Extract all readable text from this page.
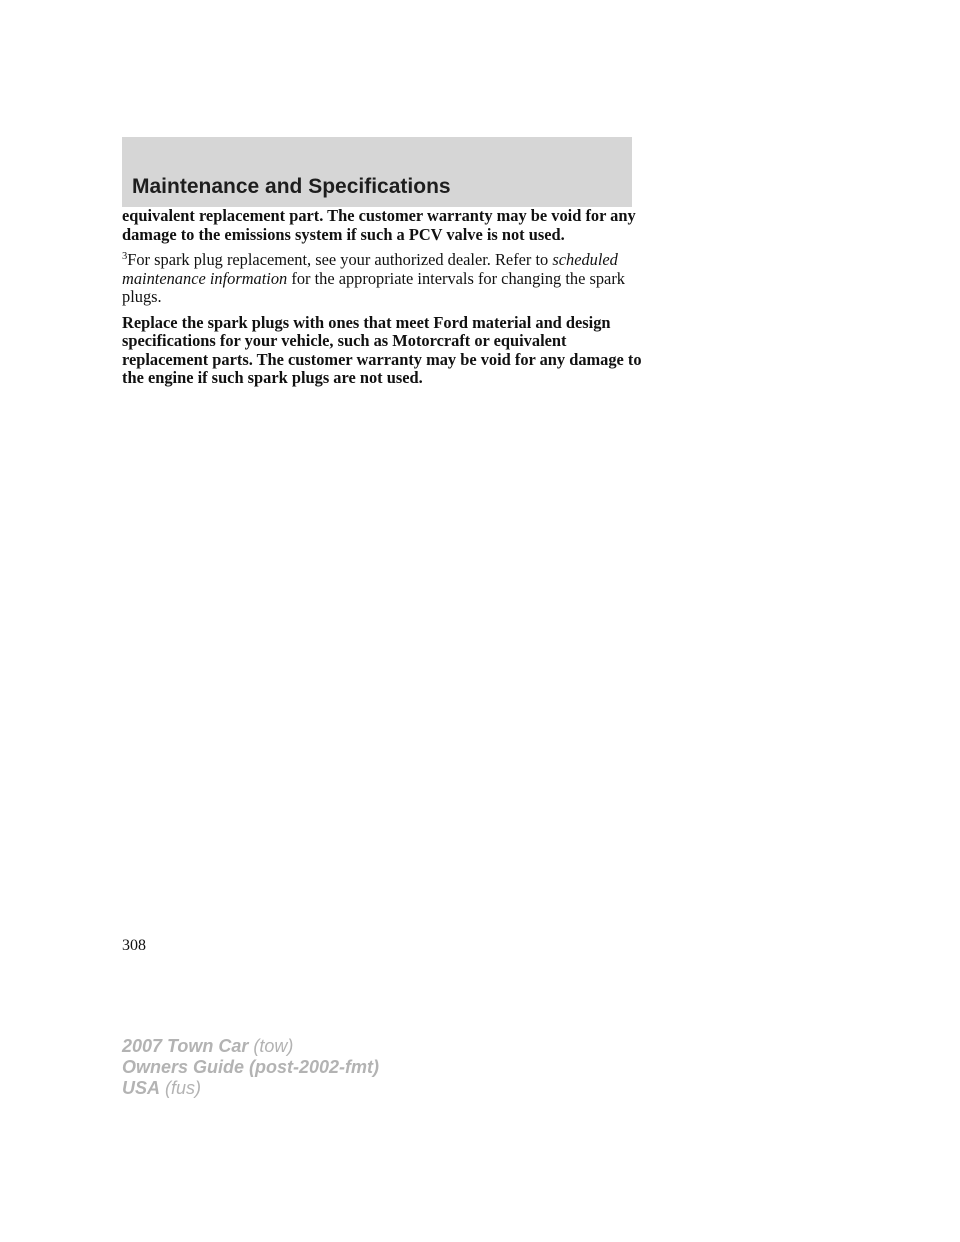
Maintenance and Specifications

equivalent replacement part. The customer warranty may be void for any damage to the emissions system if such a PCV valve is not used.

$^3$For spark plug replacement, see your authorized dealer. Refer to scheduled maintenance information for the appropriate intervals for changing the spark plugs.

Replace the spark plugs with ones that meet Ford material and design specifications for your vehicle, such as Motorcraft or equivalent replacement parts. The customer warranty may be void for any damage to the engine if such spark plugs are not used.

308
2007 Town Car (tow)
Owners Guide (post-2002-fmt)
USA (fus)
